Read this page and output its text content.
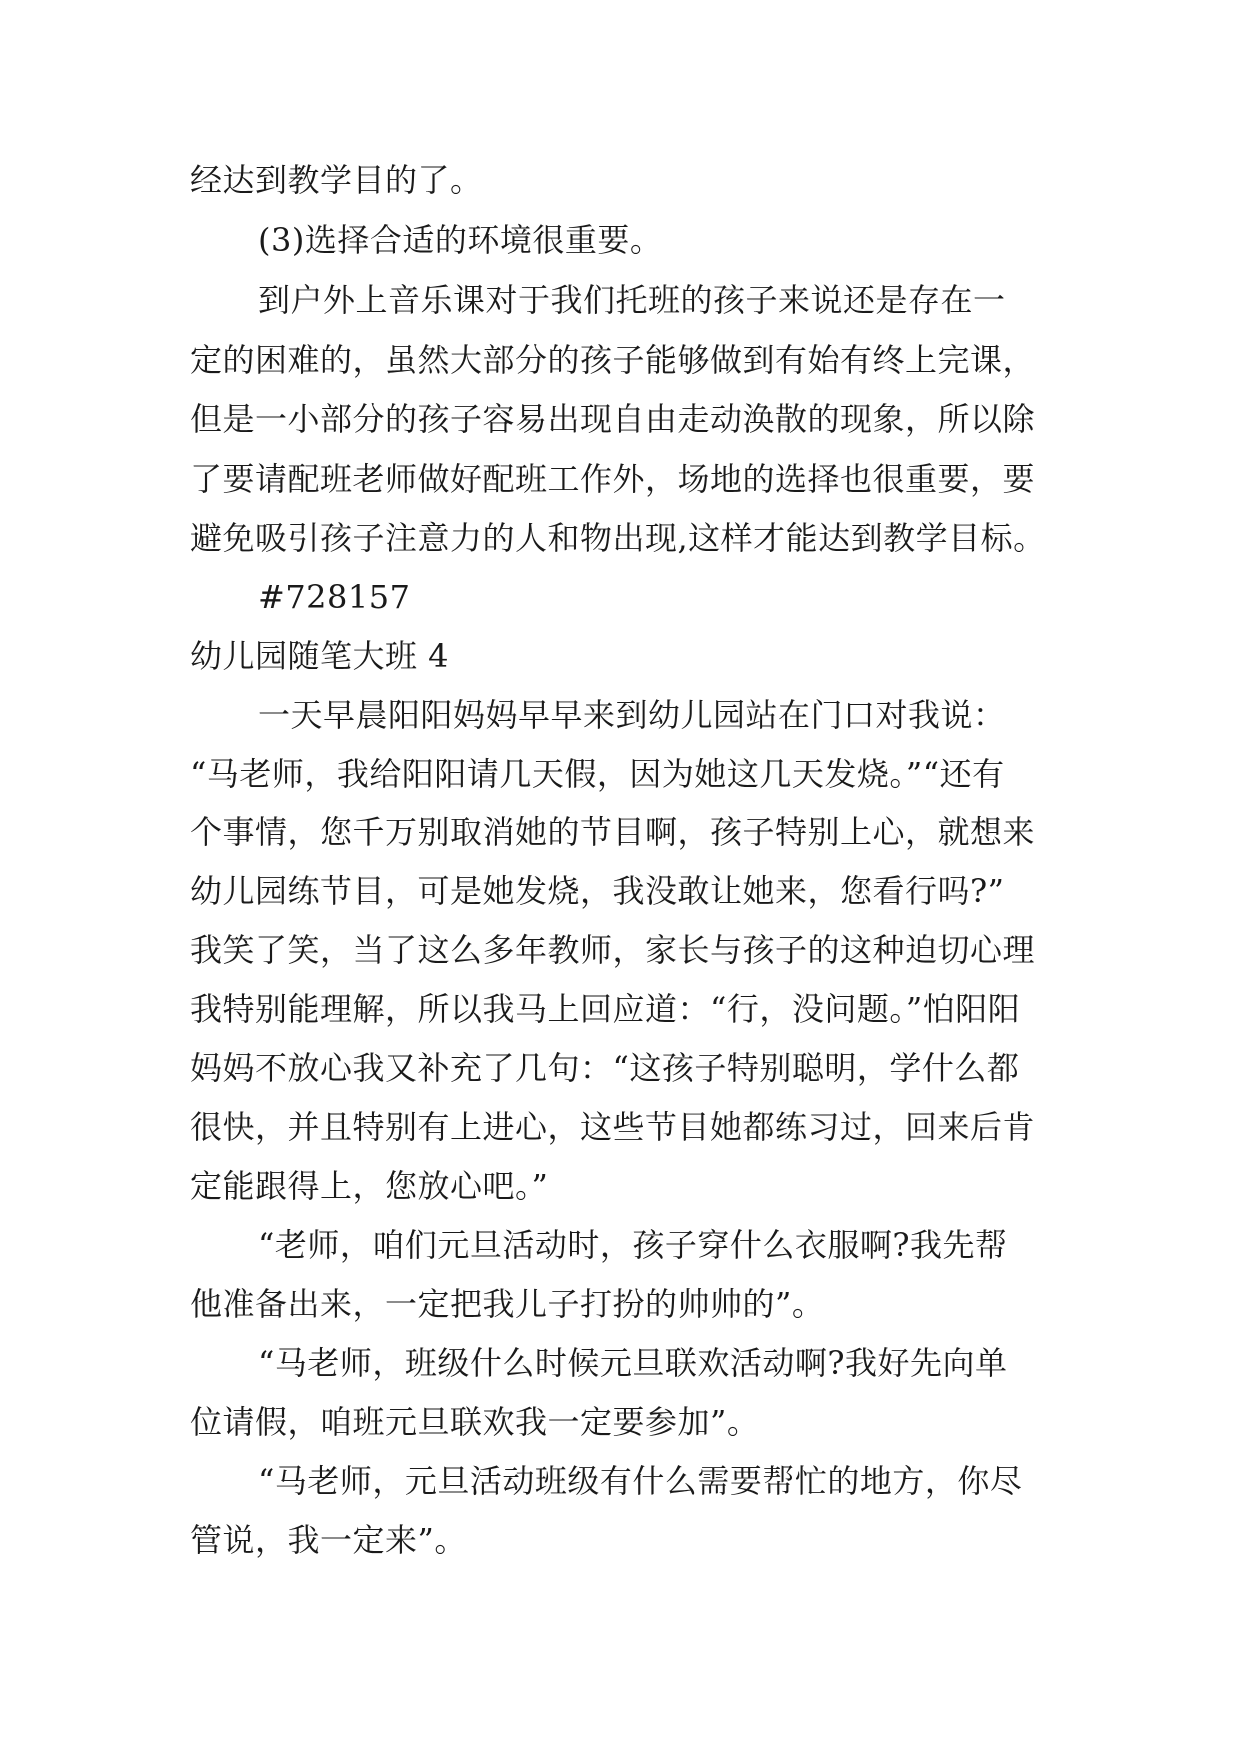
经达到教学目的了。
(3)选择合适的环境很重要。
到户外上音乐课对于我们托班的孩子来说还是存在一
定的困难的，虽然大部分的孩子能够做到有始有终上完课，
但是一小部分的孩子容易出现自由走动涣散的现象，所以除
了要请配班老师做好配班工作外，场地的选择也很重要，要
避免吸引孩子注意力的人和物出现,这样才能达到教学目标。
#728157
幼儿园随笔大班 4
一天早晨阳阳妈妈早早来到幼儿园站在门口对我说：
“马老师，我给阳阳请几天假，因为她这几天发烧。”“还有
个事情，您千万别取消她的节目啊，孩子特别上心，就想来
幼儿园练节目，可是她发烧，我没敢让她来，您看行吗?”
我笑了笑，当了这么多年教师，家长与孩子的这种迫切心理
我特别能理解，所以我马上回应道：“行，没问题。”怕阳阳
妈妈不放心我又补充了几句：“这孩子特别聪明，学什么都
很快，并且特别有上进心，这些节目她都练习过，回来后肯
定能跟得上，您放心吧。”
“老师，咱们元旦活动时，孩子穿什么衣服啊?我先帮
他准备出来，一定把我儿子打扮的帅帅的”。
“马老师，班级什么时候元旦联欢活动啊?我好先向单
位请假，咱班元旦联欢我一定要参加”。
“马老师，元旦活动班级有什么需要帮忙的地方，你尽
管说，我一定来”。
